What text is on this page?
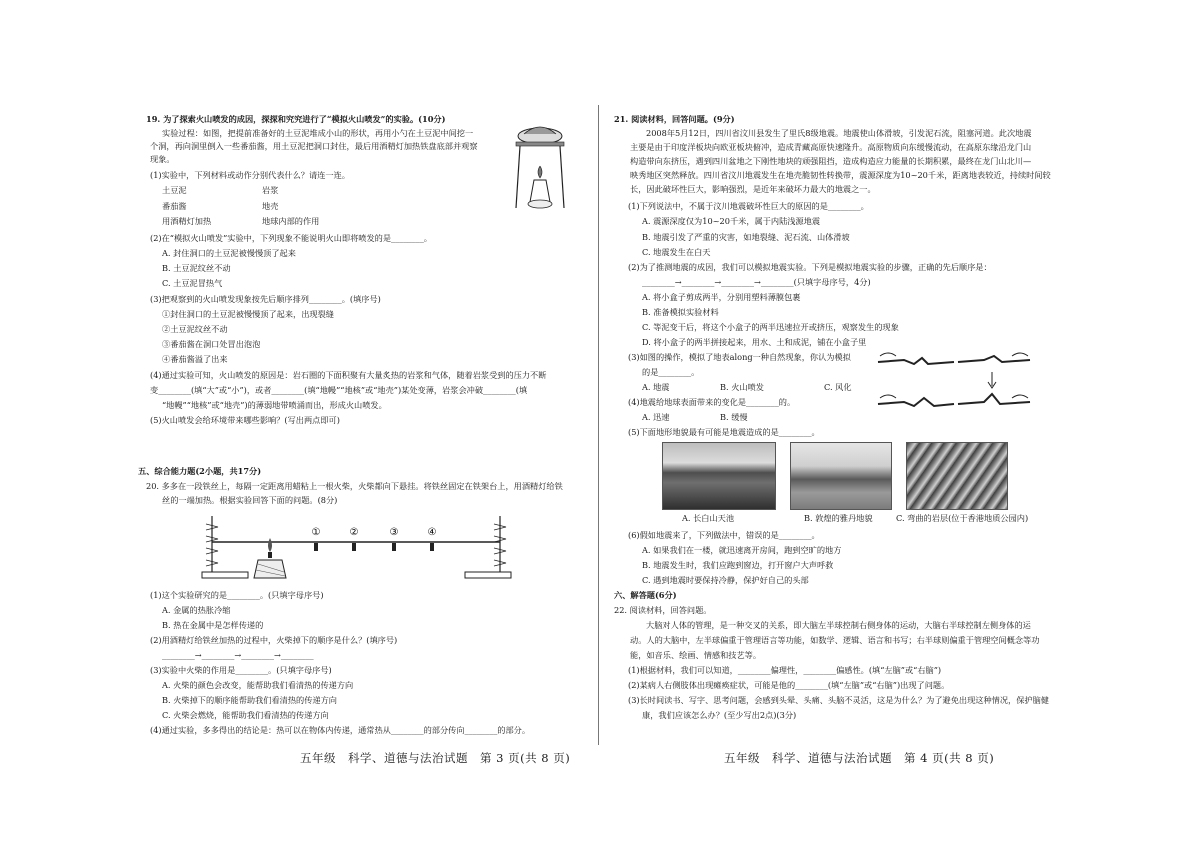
19. 为了探索火山喷发的成因，探探和究究进行了“模拟火山喷发”的实验。(10分)
实验过程：如图，把提前准备好的土豆泥堆成小山的形状，再用小勺在土豆泥中间挖一
个洞，再向洞里倒入一些番茄酱，用土豆泥把洞口封住，最后用酒精灯加热铁盘底部并观察
现象。
(1)实验中，下列材料或动作分别代表什么？请连一连。
土豆泥	岩浆
番茄酱	地壳
用酒精灯加热	地球内部的作用
(2)在“模拟火山喷发”实验中，下列现象不能说明火山即将喷发的是________。
A. 封住洞口的土豆泥被慢慢顶了起来
B. 土豆泥纹丝不动
C. 土豆泥冒热气
(3)把观察到的火山喷发现象按先后顺序排列________。(填序号)
①封住洞口的土豆泥被慢慢顶了起来，出现裂缝
②土豆泥纹丝不动
③番茄酱在洞口处冒出泡泡
④番茄酱溢了出来
(4)通过实验可知，火山喷发的原因是：岩石圈的下面积聚有大量炙热的岩浆和气体，随着岩浆受到的压力不断
变________(填“大”或“小”)，或者________(填“地幔”“地核”或“地壳”)某处变薄，岩浆会冲破________(填
“地幔”“地核”或“地壳”)的薄弱地带喷涌而出，形成火山喷发。
(5)火山喷发会给环境带来哪些影响？(写出两点即可)
五、综合能力题(2小题，共17分)
20. 多多在一段铁丝上，每隔一定距离用蜡粘上一根火柴，火柴都向下悬挂。将铁丝固定在铁架台上，用酒精灯给铁
丝的一端加热。根据实验回答下面的问题。(8分)
①	②	③	④
(1)这个实验研究的是________。(只填字母序号)
A. 金属的热胀冷缩
B. 热在金属中是怎样传递的
(2)用酒精灯给铁丝加热的过程中，火柴掉下的顺序是什么？(填序号)
________→________→________→________
(3)实验中火柴的作用是________。(只填字母序号)
A. 火柴的颜色会改变，能帮助我们看清热的传递方向
B. 火柴掉下的顺序能帮助我们看清热的传递方向
C. 火柴会燃烧，能帮助我们看清热的传递方向
(4)通过实验，多多得出的结论是：热可以在物体内传递，通常热从________的部分传向________的部分。
五年级　科学、道德与法治试题　第 3 页(共 8 页)
21. 阅读材料，回答问题。(9分)
2008年5月12日，四川省汶川县发生了里氏8级地震。地震使山体滑坡，引发泥石流，阻塞河道。此次地震
主要是由于印度洋板块向欧亚板块俯冲，造成青藏高原快速隆升。高原物质向东缓慢流动，在高原东缘沿龙门山
构造带向东挤压，遇到四川盆地之下刚性地块的顽强阻挡，造成构造应力能量的长期积累，最终在龙门山北川—
映秀地区突然释放。四川省汶川地震发生在地壳脆韧性转换带，震源深度为10~20千米，距离地表较近，持续时间较
长，因此破坏性巨大，影响强烈，是近年来破坏力最大的地震之一。
(1)下列说法中，不属于汶川地震破坏性巨大的原因的是________。
A. 震源深度仅为10~20千米，属于内陆浅源地震
B. 地震引发了严重的灾害，如地裂缝、泥石流、山体滑坡
C. 地震发生在白天
(2)为了推测地震的成因，我们可以模拟地震实验。下列是模拟地震实验的步骤，正确的先后顺序是：
________→________→________→________(只填字母序号，4分)
A. 将小盒子剪成两半，分别用塑料薄膜包裹
B. 准备模拟实验材料
C. 等泥变干后，将这个小盒子的两半迅速拉开或挤压，观察发生的现象
D. 将小盒子的两半拼接起来，用水、土和成泥，铺在小盒子里
(3)如图的操作，模拟了地表along一种自然现象，你认为模拟
的是________。
A. 地震	B. 火山喷发	C. 风化
(4)地震给地球表面带来的变化是________的。
A. 迅速	B. 缓慢
(5)下面地形地貌最有可能是地震造成的是________。
A. 长白山天池	B. 敦煌的雅丹地貌	C. 弯曲的岩层(位于香港地质公园内)
(6)假如地震来了，下列做法中，错误的是________。
A. 如果我们在一楼，就迅速离开房间，跑到空旷的地方
B. 地震发生时，我们应跑到窗边，打开窗户大声呼救
C. 遇到地震时要保持冷静，保护好自己的头部
六、解答题(6分)
22. 阅读材料，回答问题。
大脑对人体的管理，是一种交叉的关系，即大脑左半球控制右侧身体的运动，大脑右半球控制左侧身体的运
动。人的大脑中，左半球偏重于管理语言等功能，如数学、逻辑、语言和书写；右半球则偏重于管理空间概念等功
能，如音乐、绘画、情感和技艺等。
(1)根据材料，我们可以知道，________偏理性，________偏感性。(填“左脑”或“右脑”)
(2)某病人右侧肢体出现瘫痪症状，可能是他的________(填“左脑”或“右脑”)出现了问题。
(3)长时间读书、写字、思考问题，会感到头晕、头痛、头脑不灵活，这是为什么？为了避免出现这种情况，保护脑健
康，我们应该怎么办？(至少写出2点)(3分)
五年级　科学、道德与法治试题　第 4 页(共 8 页)
